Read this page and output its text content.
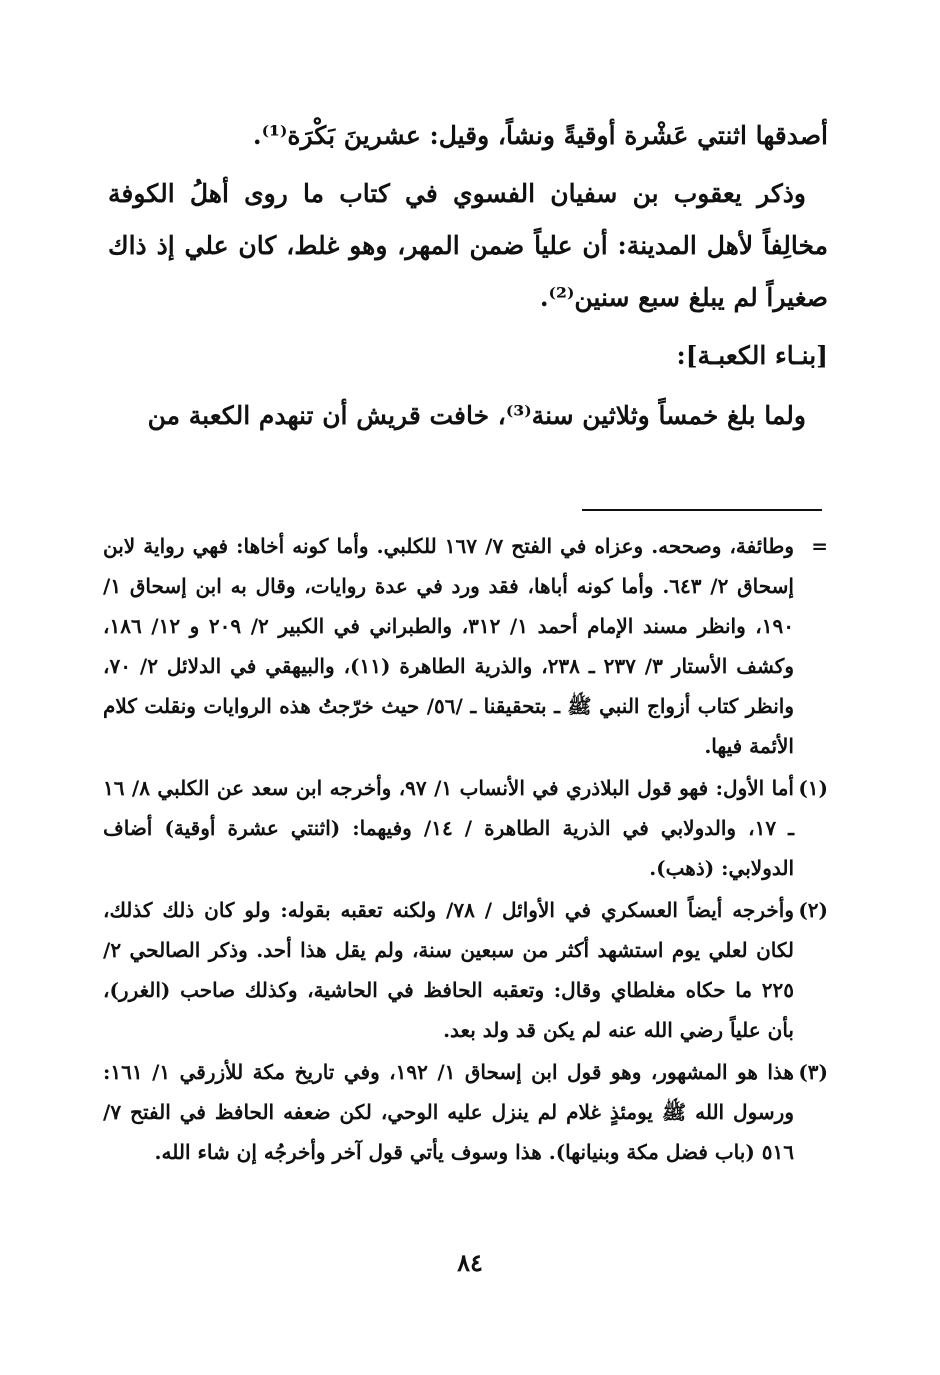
أصدقها اثنتي عَشْرة أوقيةً ونشاً، وقيل: عشرينَ بَكْرَة⁽¹⁾.

وذكر يعقوب بن سفيان الفسوي في كتاب ما روى أهلُ الكوفة مخالِفاً لأهل المدينة: أن علياً ضمن المهر، وهو غلط، كان علي إذ ذاك صغيراً لم يبلغ سبع سنين⁽²⁾.

[بنـاء الكعبـة]:

ولما بلغ خمساً وثلاثين سنة⁽³⁾، خافت قريش أن تنهدم الكعبة من

=
وطائفة، وصححه. وعزاه في الفتح ٧/ ١٦٧ للكلبي. وأما كونه أخاها: فهي رواية لابن إسحاق ٢/ ٦٤٣. وأما كونه أباها، فقد ورد في عدة روايات، وقال به ابن إسحاق ١/ ١٩٠، وانظر مسند الإمام أحمد ١/ ٣١٢، والطبراني في الكبير ٢/ ٢٠٩ و ١٢/ ١٨٦، وكشف الأستار ٣/ ٢٣٧ ـ ٢٣٨، والذرية الطاهرة (١١)، والبيهقي في الدلائل ٢/ ٧٠، وانظر كتاب أزواج النبي ﷺ ـ بتحقيقنا ـ /٥٦/ حيث خرّجتُ هذه الروايات ونقلت كلام الأئمة فيها.
(١)
أما الأول: فهو قول البلاذري في الأنساب ١/ ٩٧، وأخرجه ابن سعد عن الكلبي ٨/ ١٦ ـ ١٧، والدولابي في الذرية الطاهرة / ١٤/ وفيهما: (اثنتي عشرة أوقية) أضاف الدولابي: (ذهب).
(٢)
وأخرجه أيضاً العسكري في الأوائل / ٧٨/ ولكنه تعقبه بقوله: ولو كان ذلك كذلك، لكان لعلي يوم استشهد أكثر من سبعين سنة، ولم يقل هذا أحد. وذكر الصالحي ٢/ ٢٢٥ ما حكاه مغلطاي وقال: وتعقبه الحافظ في الحاشية، وكذلك صاحب (الغرر)، بأن علياً رضي الله عنه لم يكن قد ولد بعد.
(٣)
هذا هو المشهور، وهو قول ابن إسحاق ١/ ١٩٢، وفي تاريخ مكة للأزرقي ١/ ١٦١: ورسول الله ﷺ يومئذٍ غلام لم ينزل عليه الوحي، لكن ضعفه الحافظ في الفتح ٧/ ٥١٦ (باب فضل مكة وبنيانها). هذا وسوف يأتي قول آخر وأخرجُه إن شاء الله.
٨٤
